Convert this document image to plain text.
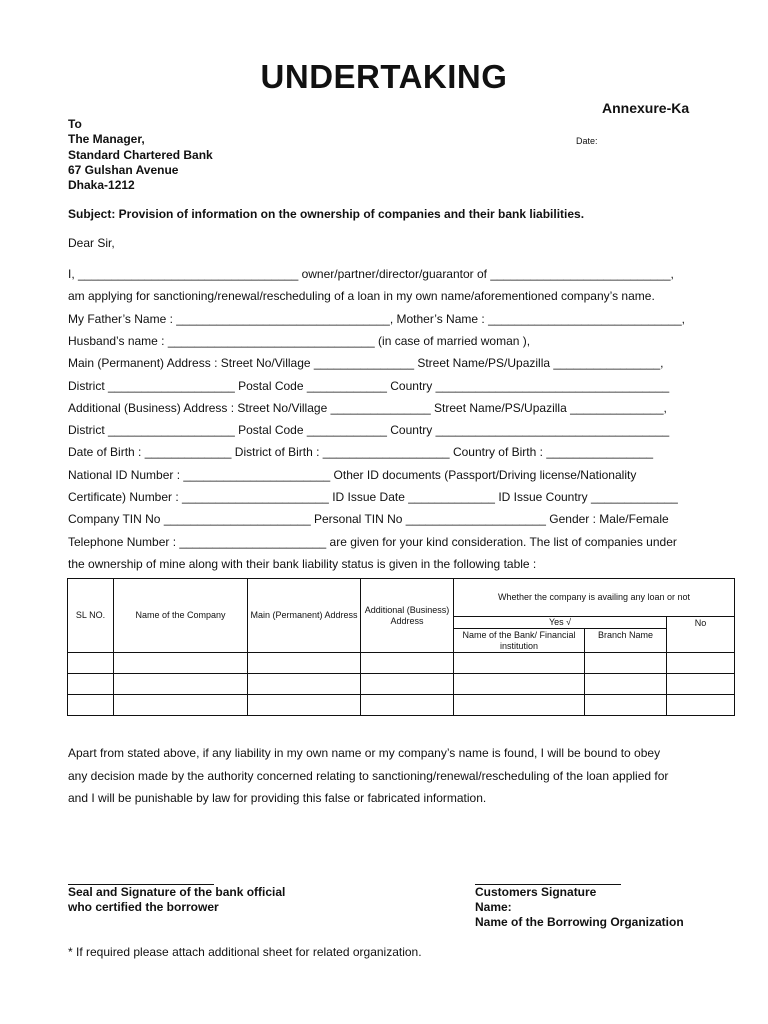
UNDERTAKING
Annexure-Ka
To
The Manager,
Standard Chartered Bank
67 Gulshan Avenue
Dhaka-1212
Date:
Subject: Provision of information on the ownership of companies and their bank liabilities.
Dear Sir,
I, _________________________________ owner/partner/director/guarantor of ___________________________,
am applying for sanctioning/renewal/rescheduling of a loan in my own name/aforementioned company’s name.
My Father’s Name : ________________________________, Mother’s Name : _____________________________,
Husband’s name : _______________________________ (in case of married woman ),
Main (Permanent) Address : Street No/Village _______________ Street Name/PS/Upazilla ________________,
District ___________________ Postal Code ____________ Country ___________________________________
Additional (Business) Address : Street No/Village _______________ Street Name/PS/Upazilla ______________,
District ___________________ Postal Code ____________ Country ___________________________________
Date of Birth : _____________ District of Birth : ___________________ Country of Birth : ________________
National ID Number : ______________________ Other ID documents (Passport/Driving license/Nationality
Certificate) Number : ______________________ ID Issue Date _____________ ID Issue Country _____________
Company TIN No ______________________ Personal TIN No _____________________ Gender : Male/Female
Telephone Number : ______________________ are given for your kind consideration. The list of companies under
the ownership of mine along with their bank liability status is given in the following table :
SL NO.	Name of the Company	Main (Permanent) Address	Additional (Business) Address	Whether the company is availing any loan or not		
				Yes √		No
				Name of the Bank/ Financial institution	Branch Name	

Apart from stated above, if any liability in my own name or my company’s name is found, I will be bound to obey
any decision made by the authority concerned relating to sanctioning/renewal/rescheduling of the loan applied for
and I will be punishable by law for providing this false or fabricated information.
Seal and Signature of the bank official
who certified the borrower
Customers Signature
Name:
Name of the Borrowing Organization
* If required please attach additional sheet for related organization.
